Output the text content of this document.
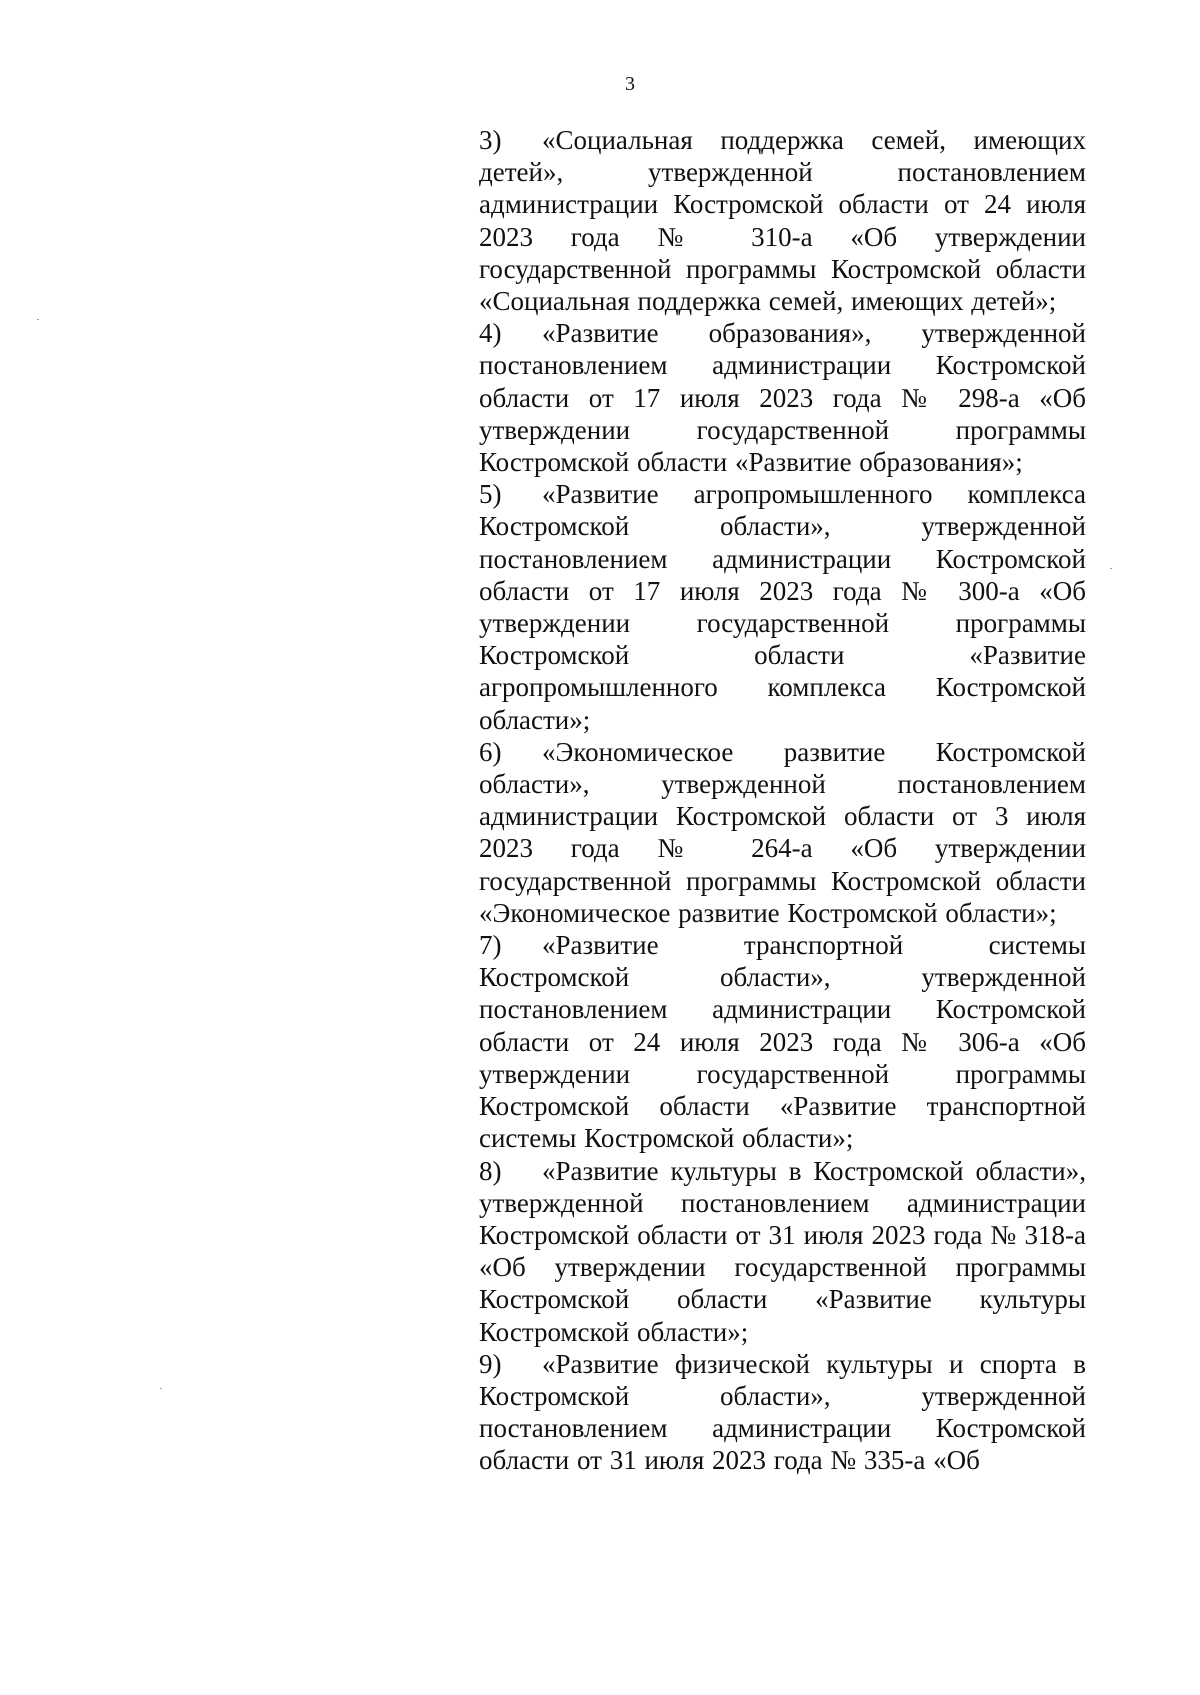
3

3) «Социальная поддержка семей, имеющих детей», утвержденной постановлением администрации Костромской области от 24 июля 2023 года № 310-а «Об утверждении государственной программы Костромской области «Социальная поддержка семей, имеющих детей»;

4) «Развитие образования», утвержденной постановлением администрации Костромской области от 17 июля 2023 года № 298-а «Об утверждении государственной программы Костромской области «Развитие образования»;

5) «Развитие агропромышленного комплекса Костромской области», утвержденной постановлением администрации Костромской области от 17 июля 2023 года № 300-а «Об утверждении государственной программы Костромской области «Развитие агропромышленного комплекса Костромской области»;

6) «Экономическое развитие Костромской области», утвержденной постановлением администрации Костромской области от 3 июля 2023 года № 264-а «Об утверждении государственной программы Костромской области «Экономическое развитие Костромской области»;

7) «Развитие транспортной системы Костромской области», утвержденной постановлением администрации Костромской области от 24 июля 2023 года № 306-а «Об утверждении государственной программы Костромской области «Развитие транспортной системы Костромской области»;

8) «Развитие культуры в Костромской области», утвержденной постановлением администрации Костромской области от 31 июля 2023 года № 318-а «Об утверждении государственной программы Костромской области «Развитие культуры Костромской области»;

9) «Развитие физической культуры и спорта в Костромской области», утвержденной постановлением администрации Костромской области от 31 июля 2023 года № 335-а «Об
